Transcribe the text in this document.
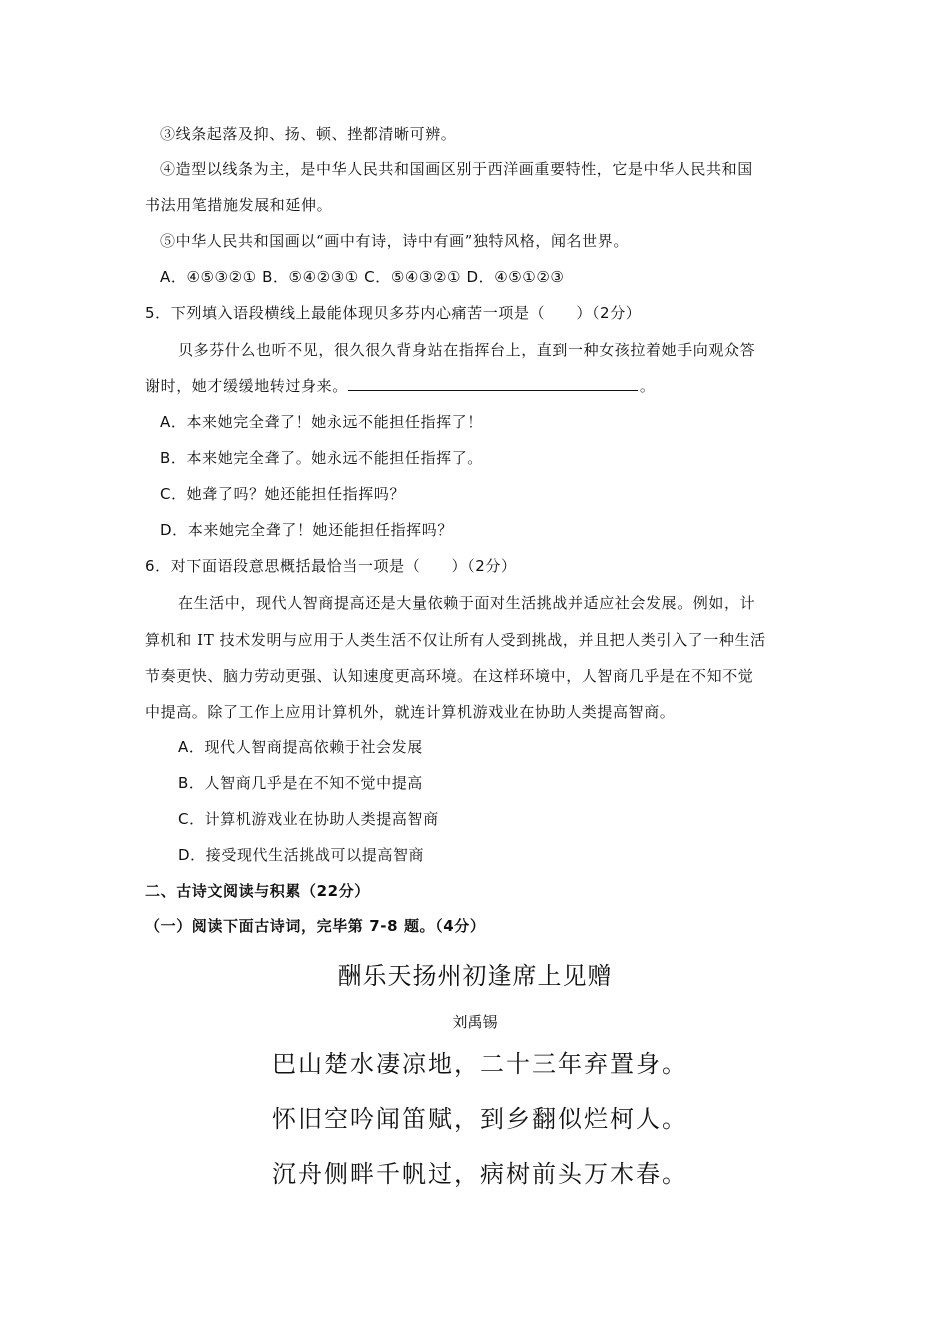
③线条起落及抑、扬、顿、挫都清晰可辨。
④造型以线条为主，是中华人民共和国画区别于西洋画重要特性，它是中华人民共和国
书法用笔措施发展和延伸。
⑤中华人民共和国画以“画中有诗，诗中有画”独特风格，闻名世界。
A．④⑤③②① B．⑤④②③① C．⑤④③②① D．④⑤①②③
5．下列填入语段横线上最能体现贝多芬内心痛苦一项是（　　）（2分）
贝多芬什么也听不见，很久很久背身站在指挥台上，直到一种女孩拉着她手向观众答
谢时，她才缓缓地转过身来。	。
A．本来她完全聋了！她永远不能担任指挥了！
B．本来她完全聋了。她永远不能担任指挥了。
C．她聋了吗？她还能担任指挥吗？
D．本来她完全聋了！她还能担任指挥吗？
6．对下面语段意思概括最恰当一项是（　　）（2分）
在生活中，现代人智商提高还是大量依赖于面对生活挑战并适应社会发展。例如，计
算机和 IT 技术发明与应用于人类生活不仅让所有人受到挑战，并且把人类引入了一种生活
节奏更快、脑力劳动更强、认知速度更高环境。在这样环境中，人智商几乎是在不知不觉
中提高。除了工作上应用计算机外，就连计算机游戏业在协助人类提高智商。
A．现代人智商提高依赖于社会发展
B．人智商几乎是在不知不觉中提高
C．计算机游戏业在协助人类提高智商
D．接受现代生活挑战可以提高智商
二、古诗文阅读与积累（22分）
（一）阅读下面古诗词，完毕第 7-8 题。（4分）
酬乐天扬州初逢席上见赠
刘禹锡
巴山楚水凄凉地，二十三年弃置身。
怀旧空吟闻笛赋，到乡翻似烂柯人。
沉舟侧畔千帆过，病树前头万木春。
